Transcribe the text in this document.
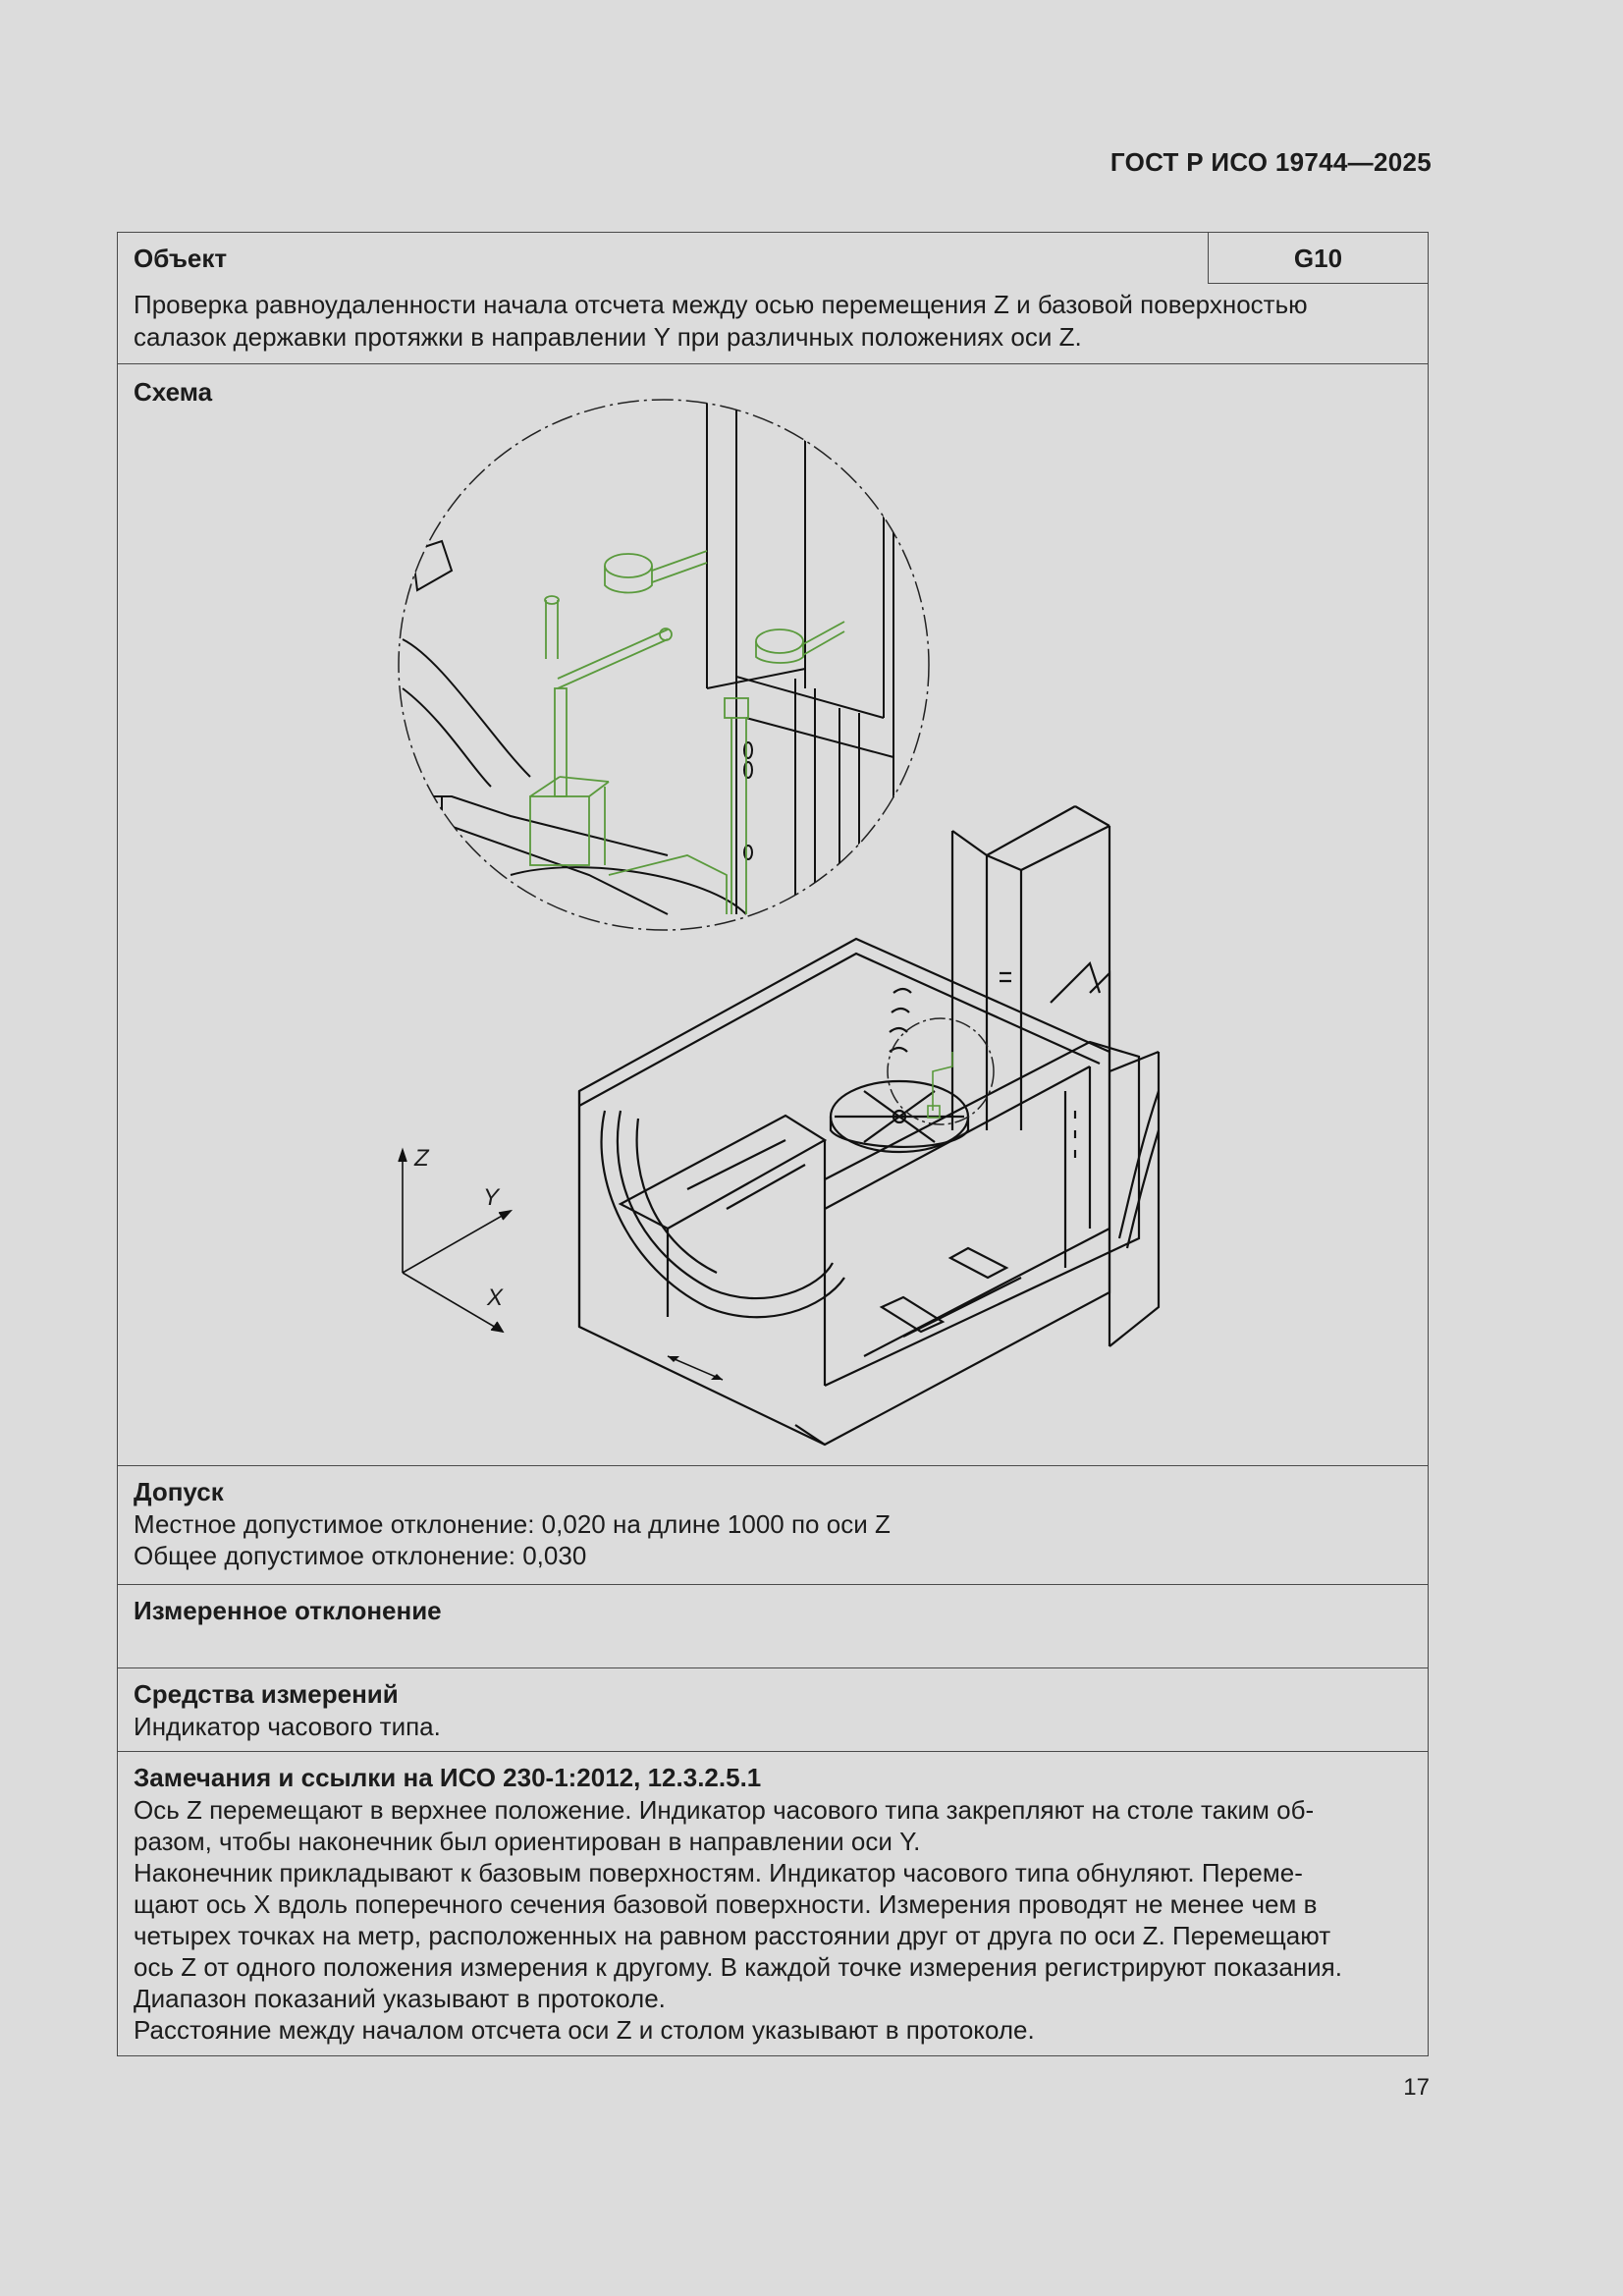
ГОСТ Р ИСО 19744—2025
Объект	G10
Проверка равноудаленности начала отсчета между осью перемещения Z и базовой поверхностью
салазок державки протяжки в направлении Y при различных положениях оси Z.
Z
Y
X
Схема
Допуск
Местное допустимое отклонение: 0,020 на длине 1000 по оси Z
Общее допустимое отклонение: 0,030
Измеренное отклонение
Средства измерений
Индикатор часового типа.
Замечания и ссылки на ИСО 230-1:2012, 12.3.2.5.1
Ось Z перемещают в верхнее положение. Индикатор часового типа закрепляют на столе таким об-
разом, чтобы наконечник был ориентирован в направлении оси Y.
Наконечник прикладывают к базовым поверхностям. Индикатор часового типа обнуляют. Переме-
щают ось X вдоль поперечного сечения базовой поверхности. Измерения проводят не менее чем в
четырех точках на метр, расположенных на равном расстоянии друг от друга по оси Z. Перемещают
ось Z от одного положения измерения к другому. В каждой точке измерения регистрируют показания.
Диапазон показаний указывают в протоколе.
Расстояние между началом отсчета оси Z и столом указывают в протоколе.
17
